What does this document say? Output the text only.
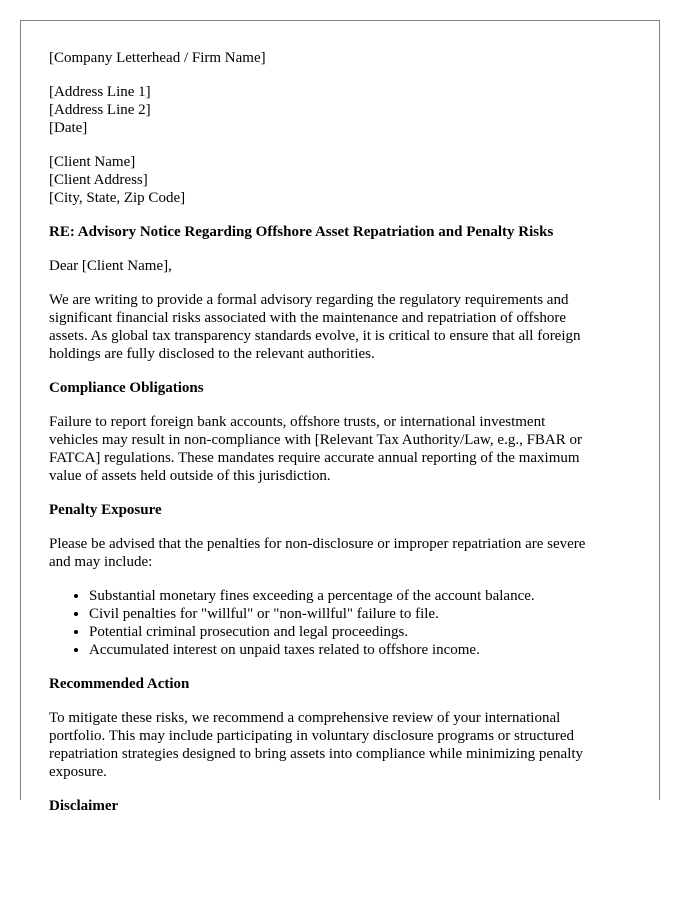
[Company Letterhead / Firm Name]

[Address Line 1]
[Address Line 2]
[Date]

[Client Name]
[Client Address]
[City, State, Zip Code]

RE: Advisory Notice Regarding Offshore Asset Repatriation and Penalty Risks

Dear [Client Name],

We are writing to provide a formal advisory regarding the regulatory requirements and
significant financial risks associated with the maintenance and repatriation of offshore
assets. As global tax transparency standards evolve, it is critical to ensure that all foreign
holdings are fully disclosed to the relevant authorities.

Compliance Obligations

Failure to report foreign bank accounts, offshore trusts, or international investment
vehicles may result in non-compliance with [Relevant Tax Authority/Law, e.g., FBAR or
FATCA] regulations. These mandates require accurate annual reporting of the maximum
value of assets held outside of this jurisdiction.

Penalty Exposure

Please be advised that the penalties for non-disclosure or improper repatriation are severe
and may include:

• Substantial monetary fines exceeding a percentage of the account balance.
• Civil penalties for "willful" or "non-willful" failure to file.
• Potential criminal prosecution and legal proceedings.
• Accumulated interest on unpaid taxes related to offshore income.
Recommended Action

To mitigate these risks, we recommend a comprehensive review of your international
portfolio. This may include participating in voluntary disclosure programs or structured
repatriation strategies designed to bring assets into compliance while minimizing penalty
exposure.

Disclaimer
